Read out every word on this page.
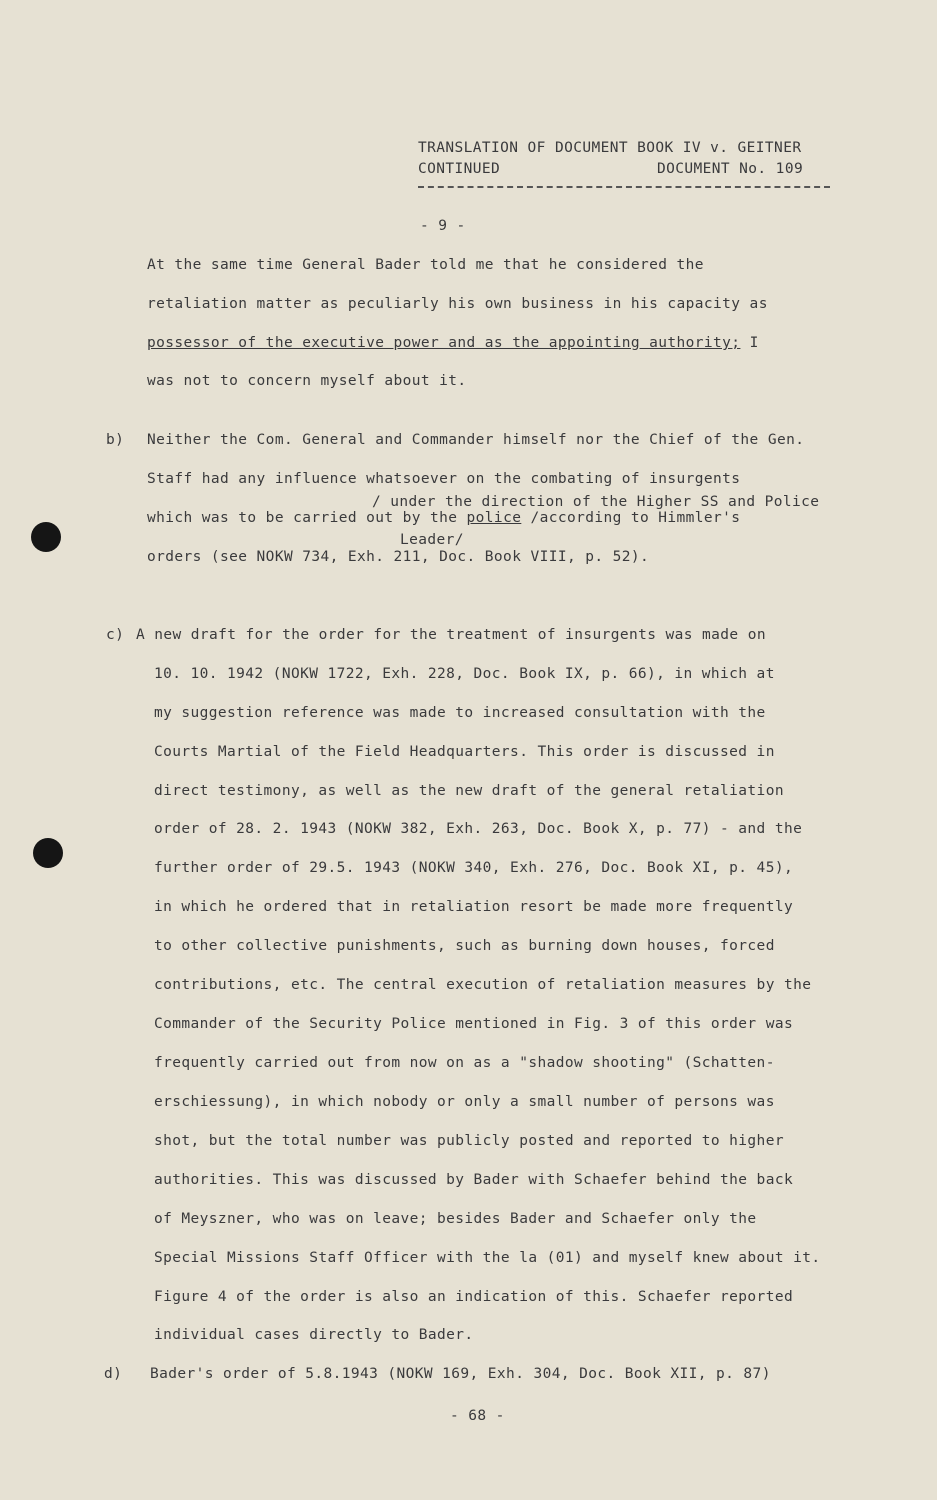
TRANSLATION OF DOCUMENT BOOK IV v. GEITNER
CONTINUED	DOCUMENT No. 109
- 9 -
At the same time General Bader told me that he considered the
retaliation matter as peculiarly his own business in his capacity as
possessor of the executive power and as the appointing authority; I
was not to concern myself about it.
b) Neither the Com. General and Commander himself nor the Chief of the Gen.
Staff had any influence whatsoever on the combating of insurgents
/ under the direction of the Higher SS and Police
which was to be carried out by the police /according to Himmler's
Leader/
orders (see NOKW 734, Exh. 211, Doc. Book VIII, p. 52).
c) A new draft for the order for the treatment of insurgents was made on
10. 10. 1942 (NOKW 1722, Exh. 228, Doc. Book IX, p. 66), in which at
my suggestion reference was made to increased consultation with the
Courts Martial of the Field Headquarters. This order is discussed in
direct testimony, as well as the new draft of the general retaliation
order of 28. 2. 1943 (NOKW 382, Exh. 263, Doc. Book X, p. 77) - and the
further order of 29.5. 1943 (NOKW 340, Exh. 276, Doc. Book XI, p. 45),
in which he ordered that in retaliation resort be made more frequently
to other collective punishments, such as burning down houses, forced
contributions, etc. The central execution of retaliation measures by the
Commander of the Security Police mentioned in Fig. 3 of this order was
frequently carried out from now on as a "shadow shooting" (Schatten-
erschiessung), in which nobody or only a small number of persons was
shot, but the total number was publicly posted and reported to higher
authorities. This was discussed by Bader with Schaefer behind the back
of Meyszner, who was on leave; besides Bader and Schaefer only the
Special Missions Staff Officer with the la (01) and myself knew about it.
Figure 4 of the order is also an indication of this. Schaefer reported
individual cases directly to Bader.
d) Bader's order of 5.8.1943 (NOKW 169, Exh. 304, Doc. Book XII, p. 87)
- 68 -
